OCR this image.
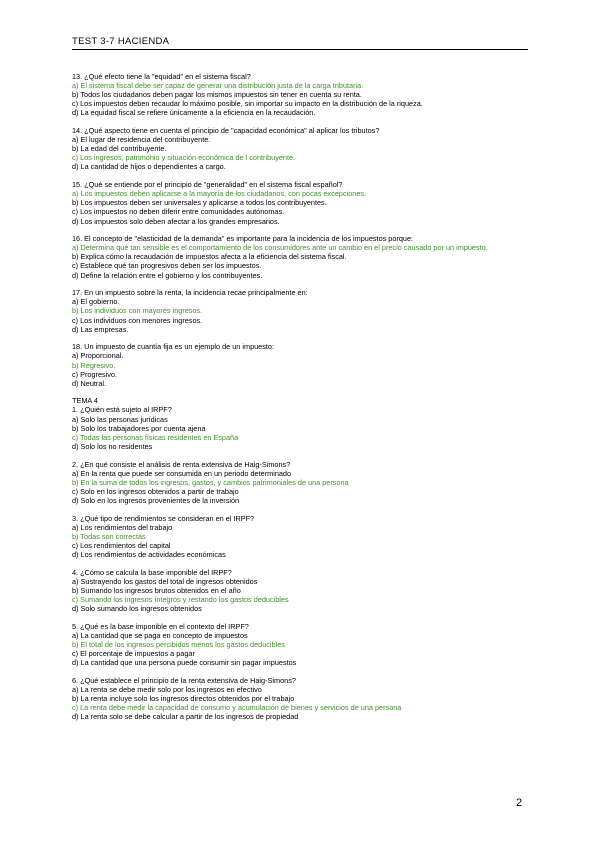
TEST 3-7 HACIENDA
13. ¿Qué efecto tiene la "equidad" en el sistema fiscal?
a) El sistema fiscal debe ser capaz de generar una distribución justa de la carga tributaria.
b) Todos los ciudadanos deben pagar los mismos impuestos sin tener en cuenta su renta.
c) Los impuestos deben recaudar lo máximo posible, sin importar su impacto en la distribución de la riqueza.
d) La equidad fiscal se refiere únicamente a la eficiencia en la recaudación.
14. ¿Qué aspecto tiene en cuenta el principio de "capacidad económica" al aplicar los tributos?
a) El lugar de residencia del contribuyente.
b) La edad del contribuyente.
c) Los ingresos, patrimonio y situación económica de l contribuyente.
d) La cantidad de hijos o dependientes a cargo.
15. ¿Qué se entiende por el principio de "generalidad" en el sistema fiscal español?
a) Los impuestos deben aplicarse a la mayoría de los ciudadanos, con pocas excepciones.
b) Los impuestos deben ser universales y aplicarse a todos los contribuyentes.
c) Los impuestos no deben diferir entre comunidades autónomas.
d) Los impuestos solo deben afectar a los grandes empresarios.
16. El concepto de "elasticidad de la demanda" es importante para la incidencia de los impuestos porque:
a) Determina qué tan sensible es el comportamiento de los consumidores ante un cambio en el precio causado por un impuesto.
b) Explica cómo la recaudación de impuestos afecta a la eficiencia del sistema fiscal.
c) Establece qué tan progresivos deben ser los impuestos.
d) Define la relación entre el gobierno y los contribuyentes.
17. En un impuesto sobre la renta, la incidencia recae principalmente en:
a) El gobierno.
b) Los individuos con mayores ingresos.
c) Los individuos con menores ingresos.
d) Las empresas.
18. Un impuesto de cuantía fija es un ejemplo de un impuesto:
a) Proporcional.
b) Regresivo.
c) Progresivo.
d) Neutral.
TEMA 4
1. ¿Quién está sujeto al IRPF?
a) Solo las personas jurídicas
b) Solo los trabajadores por cuenta ajena
c) Todas las personas físicas residentes en España
d) Solo los no residentes
2. ¿En qué consiste el análisis de renta extensiva de Haig-Simons?
a) En la renta que puede ser consumida en un periodo determinado
b) En la suma de todos los ingresos, gastos, y cambios patrimoniales de una persona
c) Solo en los ingresos obtenidos a partir de trabajo
d) Solo en los ingresos provenientes de la inversión
3. ¿Qué tipo de rendimientos se consideran en el IRPF?
a) Los rendimientos del trabajo
b) Todas son correctas
c) Los rendimientos del capital
d) Los rendimientos de actividades económicas
4. ¿Cómo se calcula la base imponible del IRPF?
a) Sustrayendo los gastos del total de ingresos obtenidos
b) Sumando los ingresos brutos obtenidos en el año
c) Sumando los ingresos íntegros y restando los gastos deducibles
d) Solo sumando los ingresos obtenidos
5. ¿Qué es la base imponible en el contexto del IRPF?
a) La cantidad que se paga en concepto de impuestos
b) El total de los ingresos percibidos menos los gastos deducibles
c) El porcentaje de impuestos a pagar
d) La cantidad que una persona puede consumir sin pagar impuestos
6. ¿Qué establece el principio de la renta extensiva de Haig-Simons?
a) La renta se debe medir solo por los ingresos en efectivo
b) La renta incluye solo los ingresos directos obtenidos por el trabajo
c) La renta debe medir la capacidad de consumo y acumulación de bienes y servicios de una persona
d) La renta solo se debe calcular a partir de los ingresos de propiedad
2
